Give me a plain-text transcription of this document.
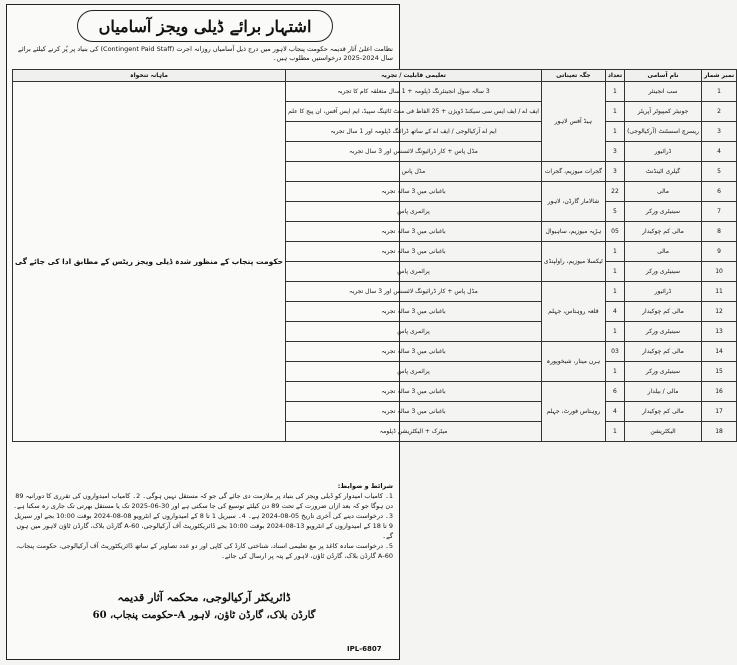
اشتہار برائے ڈیلی ویجز آسامیاں
نظامت اعلیٰ آثار قدیمہ حکومت پنجاب لاہور میں درج ذیل آسامیاں روزانہ اجرت (Contingent Paid Staff) کی بنیاد پر پُر کرنے کیلئے برائے سال 2024-2025 درخواستیں مطلوب ہیں۔
نمبر شمار	نام آسامی	تعداد	جگہ تعیناتی	تعلیمی قابلیت / تجربہ	ماہانہ تنخواہ
1	سب انجینئر	1	ہیڈ آفس لاہور	3 سالہ سول انجینئرنگ ڈپلومہ + 1 سال متعلقہ کام کا تجربہ	حکومت پنجاب کے منظور شدہ ڈیلی ویجز ریٹس کے مطابق ادا کی جائے گی
2	جونیئر کمپیوٹر آپریٹر	1		ایف اے / ایف ایس سی سیکنڈ ڈویژن + 25 الفاظ فی منٹ ٹائپنگ سپیڈ، ایم ایس آفس، ان پیج کا علم	
3	ریسرچ اسسٹنٹ (آرکیالوجی)	1		ایم اے آرکیالوجی / ایف اے کے ساتھ ڈرائنگ ڈپلومہ اور 1 سال تجربہ	
4	ڈرائیور	3		مڈل پاس + کار ڈرائیونگ لائسنس اور 3 سال تجربہ	
5	گیلری اٹینڈنٹ	3	گجرات میوزیم، گجرات	مڈل پاس	
6	مالی	22	شالامار گارڈن، لاہور	باغبانی میں 3 سالہ تجربہ	
7	سینیٹری ورکر	5		پرائمری پاس	
8	مالی کم چوکیدار	05	ہڑپہ میوزیم، ساہیوال	باغبانی میں 3 سالہ تجربہ	
9	مالی	1	ٹیکسلا میوزیم، راولپنڈی	باغبانی میں 3 سالہ تجربہ	
10	سینیٹری ورکر	1		پرائمری پاس	
11	ڈرائیور	1	قلعہ روہتاس، جہلم	مڈل پاس + کار ڈرائیونگ لائسنس اور 3 سال تجربہ	
12	مالی کم چوکیدار	4		باغبانی میں 3 سالہ تجربہ	
13	سینیٹری ورکر	1		پرائمری پاس	
14	مالی کم چوکیدار	03	ہرن مینار، شیخوپورہ	باغبانی میں 3 سالہ تجربہ	
15	سینیٹری ورکر	1		پرائمری پاس	
16	مالی / بیلدار	6	روہتاس فورٹ، جہلم	باغبانی میں 3 سالہ تجربہ	
17	مالی کم چوکیدار	4		باغبانی میں 3 سالہ تجربہ	
18	الیکٹریشن	1		میٹرک + الیکٹریشن ڈپلومہ	
شرائط و ضوابط:
1۔ کامیاب امیدوار کو ڈیلی ویجز کی بنیاد پر ملازمت دی جائے گی جو کہ مستقل نہیں ہوگی۔ 2۔ کامیاب امیدواروں کی تقرری کا دورانیہ 89 دن ہوگا جو کہ بعد ازاں ضرورت کے تحت 89 دن کیلئے توسیع کی جا سکتی ہے اور 30-06-2025 تک یا مستقل بھرتی تک جاری رہ سکتا ہے۔
3۔ درخواست دینے کی آخری تاریخ 05-08-2024 ہے۔ 4۔ سیریل 1 تا 8 کے امیدواروں کے انٹرویو 08-08-2024 بوقت 10:00 بجے اور سیریل 9 تا 18 کے امیدواروں کے انٹرویو 13-08-2024 بوقت 10:00 بجے ڈائریکٹوریٹ آف آرکیالوجی، 60-A گارڈن بلاک، گارڈن ٹاؤن لاہور میں ہوں گے۔
5۔ درخواست سادہ کاغذ پر مع تعلیمی اسناد، شناختی کارڈ کی کاپی اور دو عدد تصاویر کے ساتھ ڈائریکٹوریٹ آف آرکیالوجی، حکومت پنجاب، 60-A گارڈن بلاک، گارڈن ٹاؤن، لاہور کے پتہ پر ارسال کی جائے۔
ڈائریکٹر آرکیالوجی، محکمہ آثار قدیمہ
حکومت پنجاب، 60-A گارڈن بلاک، گارڈن ٹاؤن، لاہور
IPL-6807
